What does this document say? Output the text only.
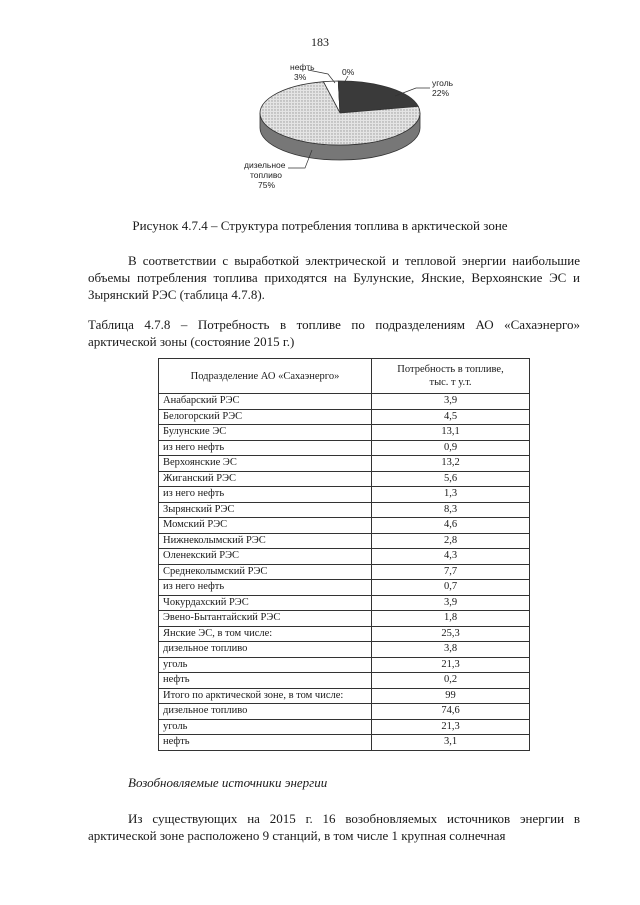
183
нефть
3%	0%
уголь
22%
дизельное
топливо
75%
Рисунок 4.7.4 – Структура потребления топлива в арктической зоне
В соответствии с выработкой электрической и тепловой энергии наибольшие объемы потребления топлива приходятся на Булунские, Янские, Верхоянские ЭС и Зырянский РЭС (таблица 4.7.8).
Таблица 4.7.8 – Потребность в топливе по подразделениям АО «Сахаэнерго» арктической зоны (состояние 2015 г.)
Подразделение АО «Сахаэнерго»	Потребность в топливе,
тыс. т у.т.
Анабарский РЭС	3,9
Белогорский РЭС	4,5
Булунские ЭС	13,1
из него нефть	0,9
Верхоянские ЭС	13,2
Жиганский РЭС	5,6
из него нефть	1,3
Зырянский РЭС	8,3
Момский РЭС	4,6
Нижнеколымский РЭС	2,8
Оленекский РЭС	4,3
Среднеколымский РЭС	7,7
из него нефть	0,7
Чокурдахский РЭС	3,9
Эвено-Бытантайский РЭС	1,8
Янские ЭС, в том числе:	25,3
дизельное топливо	3,8
уголь	21,3
нефть	0,2
Итого по арктической зоне, в том числе:	99
дизельное топливо	74,6
уголь	21,3
нефть	3,1
Возобновляемые источники энергии
Из существующих на 2015 г. 16 возобновляемых источников энергии в арктической зоне расположено 9 станций, в том числе 1 крупная солнечная
